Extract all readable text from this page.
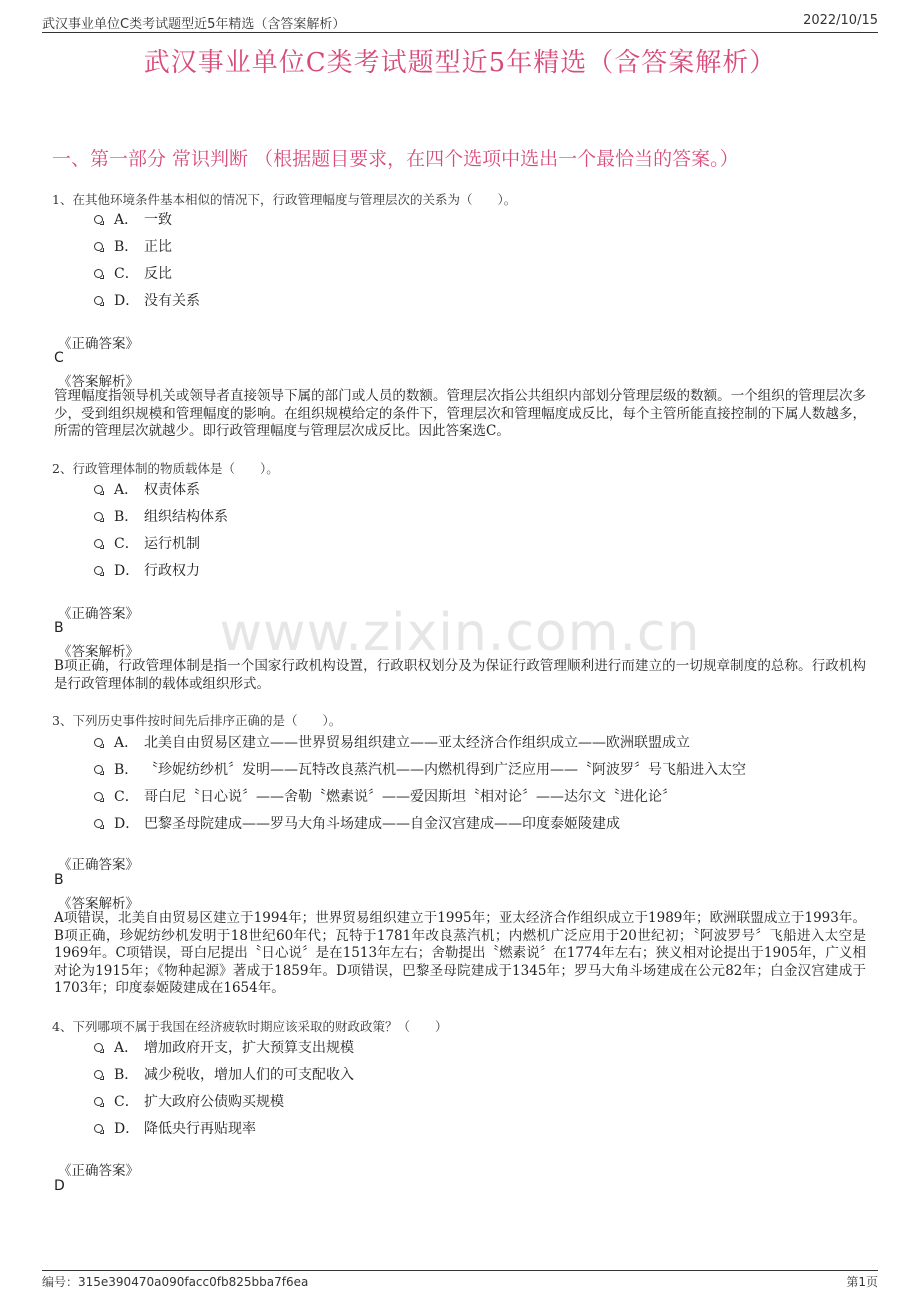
武汉事业单位C类考试题型近5年精选（含答案解析）	2022/10/15
武汉事业单位C类考试题型近5年精选（含答案解析）
一、第一部分 常识判断 （根据题目要求，在四个选项中选出一个最恰当的答案。）
www.zixin.com.cn
1、在其他环境条件基本相似的情况下，行政管理幅度与管理层次的关系为（　　）。
A． 一致
B． 正比
C． 反比
D． 没有关系
《正确答案》
C
《答案解析》
管理幅度指领导机关或领导者直接领导下属的部门或人员的数额。管理层次指公共组织内部划分管理层级的数额。一个组织的管理层次多少，受到组织规模和管理幅度的影响。在组织规模给定的条件下，管理层次和管理幅度成反比，每个主管所能直接控制的下属人数越多，所需的管理层次就越少。即行政管理幅度与管理层次成反比。因此答案选C。
2、行政管理体制的物质载体是（　　）。
A． 权责体系
B． 组织结构体系
C． 运行机制
D． 行政权力
《正确答案》
B
《答案解析》
B项正确，行政管理体制是指一个国家行政机构设置，行政职权划分及为保证行政管理顺利进行而建立的一切规章制度的总称。行政机构是行政管理体制的载体或组织形式。
3、下列历史事件按时间先后排序正确的是（　　）。
A． 北美自由贸易区建立——世界贸易组织建立——亚太经济合作组织成立——欧洲联盟成立
B． 〝珍妮纺纱机〞发明——瓦特改良蒸汽机——内燃机得到广泛应用——〝阿波罗〞号飞船进入太空
C． 哥白尼〝日心说〞——舍勒〝燃素说〞——爱因斯坦〝相对论〞——达尔文〝进化论〞
D． 巴黎圣母院建成——罗马大角斗场建成——自金汉宫建成——印度泰姬陵建成
《正确答案》
B
《答案解析》
A项错误，北美自由贸易区建立于1994年；世界贸易组织建立于1995年；亚太经济合作组织成立于1989年；欧洲联盟成立于1993年。B项正确，珍妮纺纱机发明于18世纪60年代；瓦特于1781年改良蒸汽机；内燃机广泛应用于20世纪初；〝阿波罗号〞飞船进入太空是1969年。C项错误，哥白尼提出〝日心说〞是在1513年左右；舍勒提出〝燃素说〞在1774年左右；狭义相对论提出于1905年，广义相对论为1915年；《物种起源》著成于1859年。D项错误，巴黎圣母院建成于1345年；罗马大角斗场建成在公元82年；白金汉宫建成于1703年；印度泰姬陵建成在1654年。
4、下列哪项不属于我国在经济疲软时期应该采取的财政政策？（　　）
A． 增加政府开支，扩大预算支出规模
B． 减少税收，增加人们的可支配收入
C． 扩大政府公债购买规模
D． 降低央行再贴现率
《正确答案》
D
编号：315e390470a090facc0fb825bba7f6ea	第1页
